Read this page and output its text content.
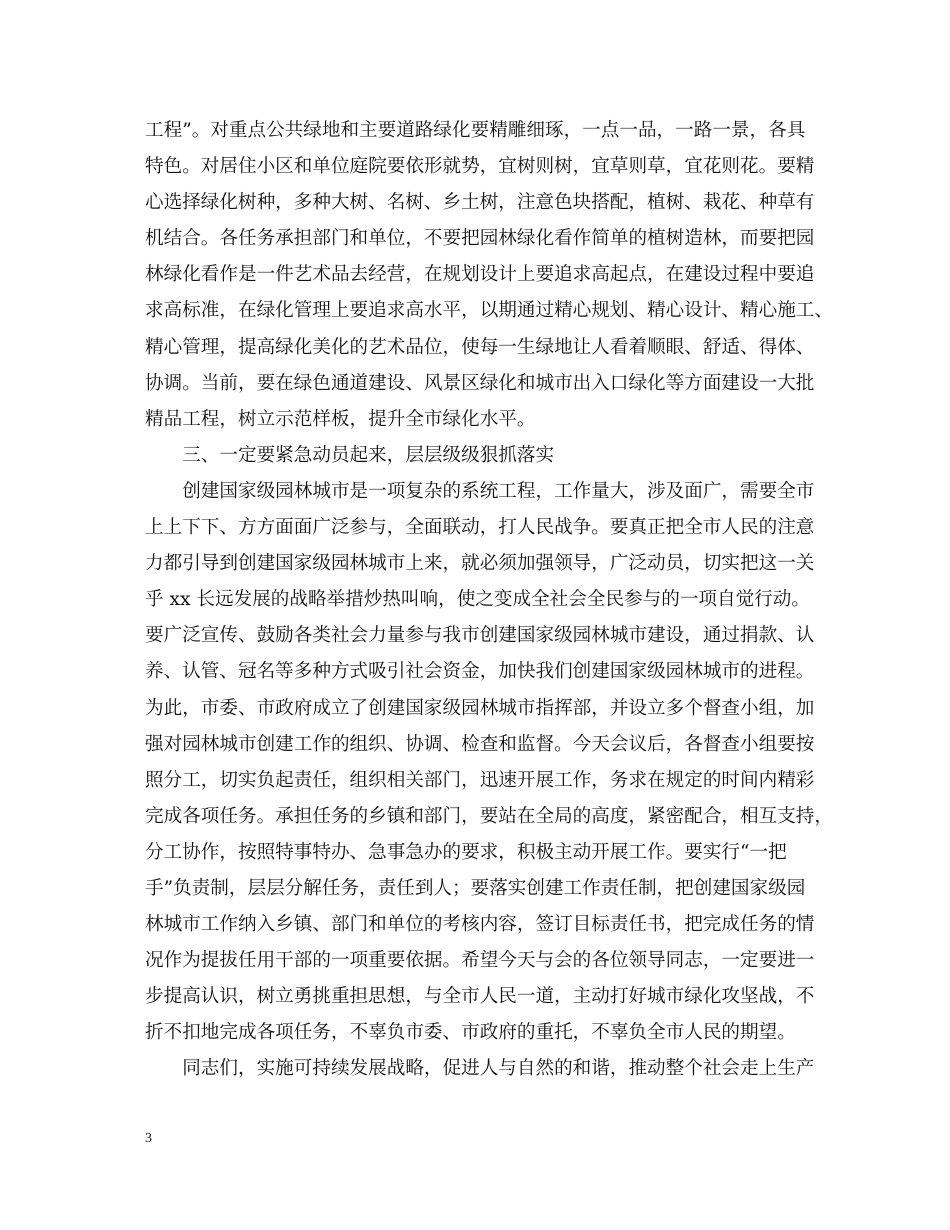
工程”。对重点公共绿地和主要道路绿化要精雕细琢，一点一品，一路一景，各具
特色。对居住小区和单位庭院要依形就势，宜树则树，宜草则草，宜花则花。要精
心选择绿化树种，多种大树、名树、乡土树，注意色块搭配，植树、栽花、种草有
机结合。各任务承担部门和单位，不要把园林绿化看作简单的植树造林，而要把园
林绿化看作是一件艺术品去经营，在规划设计上要追求高起点，在建设过程中要追
求高标准，在绿化管理上要追求高水平，以期通过精心规划、精心设计、精心施工、
精心管理，提高绿化美化的艺术品位，使每一生绿地让人看着顺眼、舒适、得体、
协调。当前，要在绿色通道建设、风景区绿化和城市出入口绿化等方面建设一大批
精品工程，树立示范样板，提升全市绿化水平。
　　三、一定要紧急动员起来，层层级级狠抓落实
　　创建国家级园林城市是一项复杂的系统工程，工作量大，涉及面广，需要全市
上上下下、方方面面广泛参与，全面联动，打人民战争。要真正把全市人民的注意
力都引导到创建国家级园林城市上来，就必须加强领导，广泛动员，切实把这一关
乎 xx 长远发展的战略举措炒热叫响，使之变成全社会全民参与的一项自觉行动。
要广泛宣传、鼓励各类社会力量参与我市创建国家级园林城市建设，通过捐款、认
养、认管、冠名等多种方式吸引社会资金，加快我们创建国家级园林城市的进程。
为此，市委、市政府成立了创建国家级园林城市指挥部，并设立多个督查小组，加
强对园林城市创建工作的组织、协调、检查和监督。今天会议后，各督查小组要按
照分工，切实负起责任，组织相关部门，迅速开展工作，务求在规定的时间内精彩
完成各项任务。承担任务的乡镇和部门，要站在全局的高度，紧密配合，相互支持，
分工协作，按照特事特办、急事急办的要求，积极主动开展工作。要实行“一把
手”负责制，层层分解任务，责任到人；要落实创建工作责任制，把创建国家级园
林城市工作纳入乡镇、部门和单位的考核内容，签订目标责任书，把完成任务的情
况作为提拔任用干部的一项重要依据。希望今天与会的各位领导同志，一定要进一
步提高认识，树立勇挑重担思想，与全市人民一道，主动打好城市绿化攻坚战，不
折不扣地完成各项任务，不辜负市委、市政府的重托，不辜负全市人民的期望。
　　同志们，实施可持续发展战略，促进人与自然的和谐，推动整个社会走上生产
3
